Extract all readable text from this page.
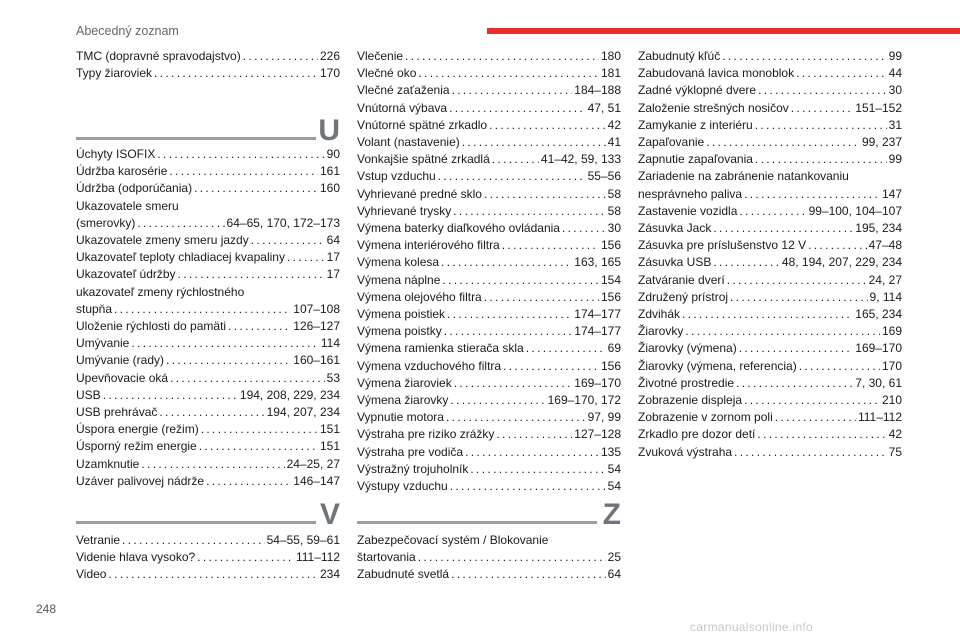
Abecedný zoznam
TMC (dopravné spravodajstvo) . . .	226
Typy žiaroviek . . .	170
U
Úchyty ISOFIX . . .	90
Údržba karosérie . . .	161
Údržba (odporúčania) . . .	160
Ukazovatele smeru
(smerovky) . . .	64–65, 170, 172–173
Ukazovatele zmeny smeru jazdy . . .	64
Ukazovateľ teploty chladiacej kvapaliny . . .	17
Ukazovateľ údržby . . .	17
ukazovateľ zmeny rýchlostného
stupňa . . .	107–108
Uloženie rýchlosti do pamäti . . .	126–127
Umývanie . . .	114
Umývanie (rady) . . .	160–161
Upevňovacie oká . . .	53
USB . . .	194, 208, 229, 234
USB prehrávač . . .	194, 207, 234
Úspora energie (režim) . . .	151
Úsporný režim energie . . .	151
Uzamknutie . . .	24–25, 27
Uzáver palivovej nádrže . . .	146–147
V
Vetranie . . .	54–55, 59–61
Videnie hlava vysoko? . . .	111–112
Video . . .	234
Vlečenie . . .	180
Vlečné oko . . .	181
Vlečné zaťaženia . . .	184–188
Vnútorná výbava . . .	47, 51
Vnútorné spätné zrkadlo . . .	42
Volant (nastavenie) . . .	41
Vonkajšie spätné zrkadlá . . .	41–42, 59, 133
Vstup vzduchu . . .	55–56
Vyhrievané predné sklo . . .	58
Vyhrievané trysky . . .	58
Výmena baterky diaľkového ovládania . . .	30
Výmena interiérového filtra . . .	156
Výmena kolesa . . .	163, 165
Výmena náplne . . .	154
Výmena olejového filtra . . .	156
Výmena poistiek . . .	174–177
Výmena poistky . . .	174–177
Výmena ramienka stierača skla . . .	69
Výmena vzduchového filtra . . .	156
Výmena žiaroviek . . .	169–170
Výmena žiarovky . . .	169–170, 172
Vypnutie motora . . .	97, 99
Výstraha pre riziko zrážky . . .	127–128
Výstraha pre vodiča . . .	135
Výstražný trojuholník . . .	54
Výstupy vzduchu . . .	54
Z
Zabezpečovací systém / Blokovanie
štartovania . . .	25
Zabudnuté svetlá . . .	64
Zabudnutý kľúč . . .	99
Zabudovaná lavica monoblok . . .	44
Zadné výklopné dvere . . .	30
Založenie strešných nosičov . . .	151–152
Zamykanie z interiéru . . .	31
Zapaľovanie . . .	99, 237
Zapnutie zapaľovania . . .	99
Zariadenie na zabránenie natankovaniu
nesprávneho paliva . . .	147
Zastavenie vozidla . . .	99–100, 104–107
Zásuvka Jack . . .	195, 234
Zásuvka pre príslušenstvo 12 V . . .	47–48
Zásuvka USB . . .	48, 194, 207, 229, 234
Zatváranie dverí . . .	24, 27
Združený prístroj . . .	9, 114
Zdvihák . . .	165, 234
Žiarovky . . .	169
Žiarovky (výmena) . . .	169–170
Žiarovky (výmena, referencia) . . .	170
Životné prostredie . . .	7, 30, 61
Zobrazenie displeja . . .	210
Zobrazenie v zornom poli . . .	111–112
Zrkadlo pre dozor detí . . .	42
Zvuková výstraha . . .	75
248
carmanualsonline.info
